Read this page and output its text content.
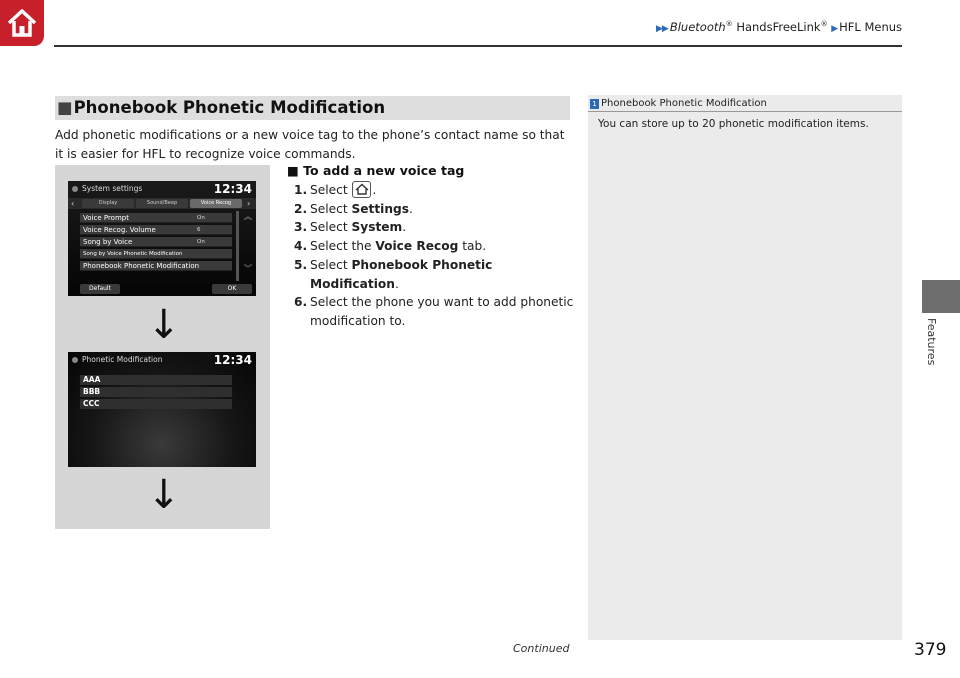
▶▶ Bluetooth® HandsFreeLink® ▶ HFL Menus
Features
■Phonebook Phonetic Modification
Add phonetic modifications or a new voice tag to the phone’s contact name so that it is easier for HFL to recognize voice commands.
System settings	12:34
‹	Display	Sound/Beep	Voice Recog	›
Voice Prompt	On
Voice Recog. Volume	6
Song by Voice	On
Song by Voice Phonetic Modification
Phonebook Phonetic Modification
︽
︾
Default	OK
↓
Phonetic Modification	12:34
AAA
BBB
CCC
↓
■ To add a new voice tag
1. Select
.
2. Select Settings.
3. Select System.
4. Select the Voice Recog tab.
5. Select Phonebook Phonetic Modification.
6. Select the phone you want to add phonetic modification to.
1 Phonebook Phonetic Modification
You can store up to 20 phonetic modification items.
Continued	379
